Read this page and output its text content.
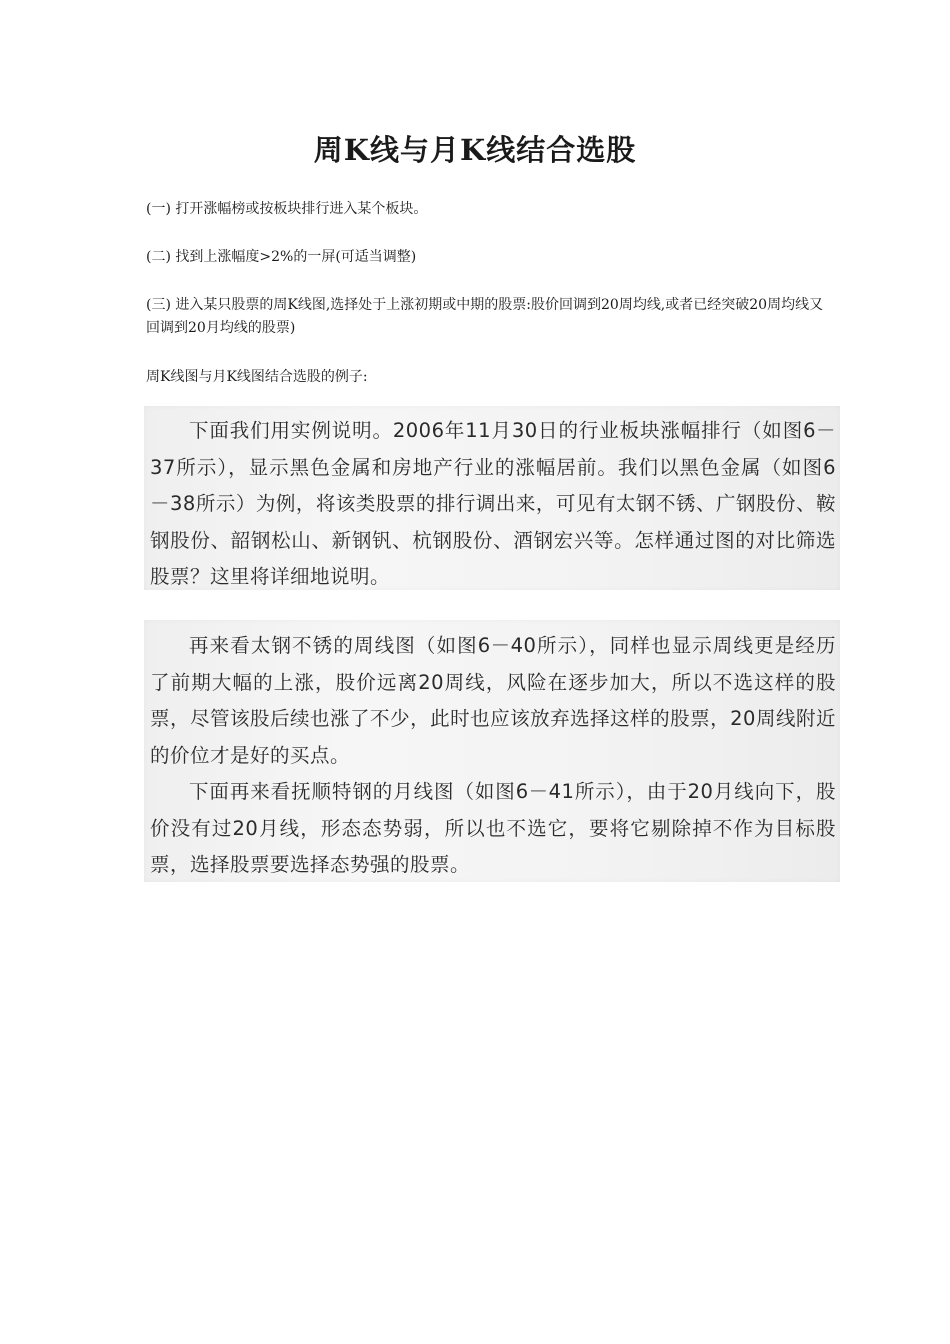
周K线与月K线结合选股

(一) 打开涨幅榜或按板块排行进入某个板块。

(二) 找到上涨幅度>2%的一屏(可适当调整)

(三) 进入某只股票的周K线图,选择处于上涨初期或中期的股票:股价回调到20周均线,或者已经突破20周均线又回调到20月均线的股票)

周K线图与月K线图结合选股的例子:

下面我们用实例说明。2006年11月30日的行业板块涨幅排行（如图6－37所示），显示黑色金属和房地产行业的涨幅居前。我们以黑色金属（如图6－38所示）为例，将该类股票的排行调出来，可见有太钢不锈、广钢股份、鞍钢股份、韶钢松山、新钢钒、杭钢股份、酒钢宏兴等。怎样通过图的对比筛选股票？这里将详细地说明。

再来看太钢不锈的周线图（如图6－40所示），同样也显示周线更是经历了前期大幅的上涨，股价远离20周线，风险在逐步加大，所以不选这样的股票，尽管该股后续也涨了不少，此时也应该放弃选择这样的股票，20周线附近的价位才是好的买点。

下面再来看抚顺特钢的月线图（如图6－41所示），由于20月线向下，股价没有过20月线，形态态势弱，所以也不选它，要将它剔除掉不作为目标股票，选择股票要选择态势强的股票。
